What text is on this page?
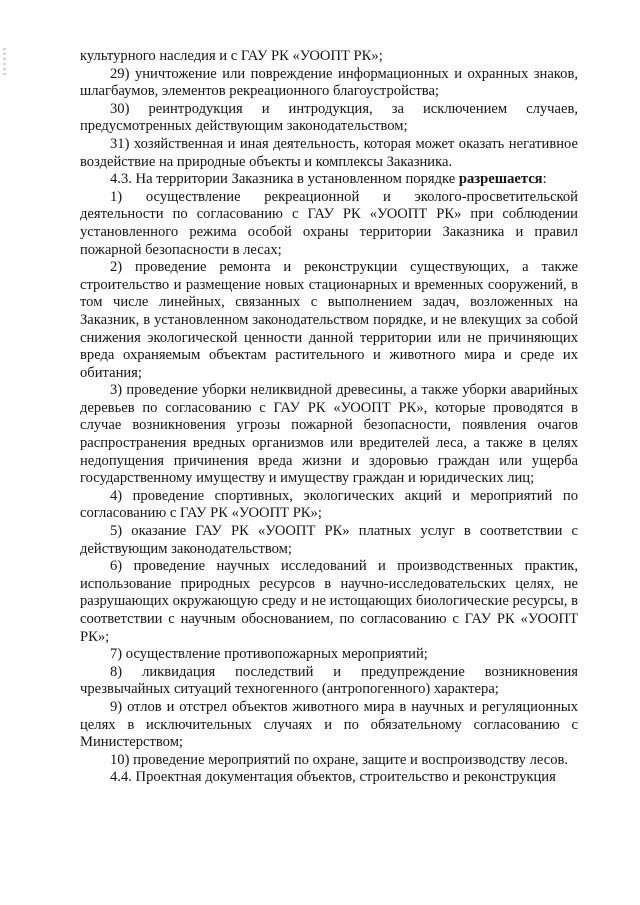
культурного наследия и с ГАУ РК «УООПТ РК»;

29) уничтожение или повреждение информационных и охранных знаков, шлагбаумов, элементов рекреационного благоустройства;

30) реинтродукция и интродукция, за исключением случаев, предусмотренных действующим законодательством;

31) хозяйственная и иная деятельность, которая может оказать негативное воздействие на природные объекты и комплексы Заказника.

4.3. На территории Заказника в установленном порядке разрешается:

1) осуществление рекреационной и эколого-просветительской деятельности по согласованию с ГАУ РК «УООПТ РК» при соблюдении установленного режима особой охраны территории Заказника и правил пожарной безопасности в лесах;

2) проведение ремонта и реконструкции существующих, а также строительство и размещение новых стационарных и временных сооружений, в том числе линейных, связанных с выполнением задач, возложенных на Заказник, в установленном законодательством порядке, и не влекущих за собой снижения экологической ценности данной территории или не причиняющих вреда охраняемым объектам растительного и животного мира и среде их обитания;

3) проведение уборки неликвидной древесины, а также уборки аварийных деревьев по согласованию с ГАУ РК «УООПТ РК», которые проводятся в случае возникновения угрозы пожарной безопасности, появления очагов распространения вредных организмов или вредителей леса, а также в целях недопущения причинения вреда жизни и здоровью граждан или ущерба государственному имуществу и имуществу граждан и юридических лиц;

4) проведение спортивных, экологических акций и мероприятий по согласованию с ГАУ РК «УООПТ РК»;

5) оказание ГАУ РК «УООПТ РК» платных услуг в соответствии с действующим законодательством;

6) проведение научных исследований и производственных практик, использование природных ресурсов в научно-исследовательских целях, не разрушающих окружающую среду и не истощающих биологические ресурсы, в соответствии с научным обоснованием, по согласованию с ГАУ РК «УООПТ РК»;

7) осуществление противопожарных мероприятий;

8) ликвидация последствий и предупреждение возникновения чрезвычайных ситуаций техногенного (антропогенного) характера;

9) отлов и отстрел объектов животного мира в научных и регуляционных целях в исключительных случаях и по обязательному согласованию с Министерством;

10) проведение мероприятий по охране, защите и воспроизводству лесов.

4.4. Проектная документация объектов, строительство и реконструкция
